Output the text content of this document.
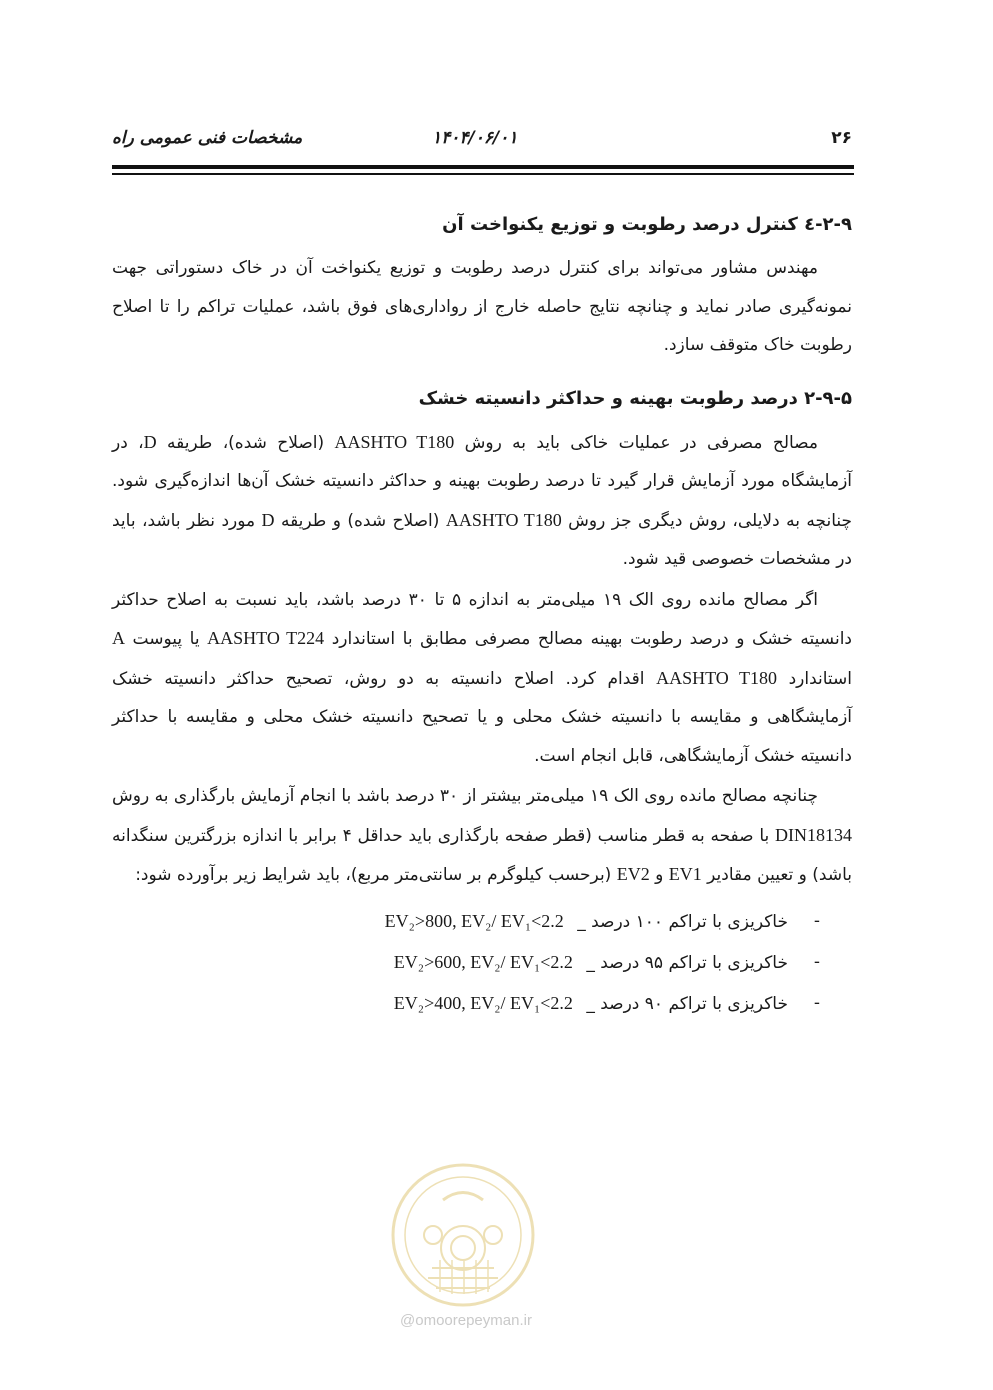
۲۶
۱۴۰۴/۰۶/۰۱
مشخصات فنی عمومی راه
۲-۹-٤ کنترل درصد رطوبت و توزیع یکنواخت آن

مهندس مشاور می‌تواند برای کنترل درصد رطوبت و توزیع یکنواخت آن در خاک دستوراتی جهت نمونه‌گیری صادر نماید و چنانچه نتایج حاصله خارج از رواداری‌های فوق باشد، عملیات تراکم را تا اصلاح رطوبت خاک متوقف سازد.

۲-۹-۵ درصد رطوبت بهینه و حداکثر دانسیته خشک

مصالح مصرفی در عملیات خاکی باید به روش AASHTO T180 (اصلاح شده)، طریقه D، در آزمایشگاه مورد آزمایش قرار گیرد تا درصد رطوبت بهینه و حداکثر دانسیته خشک آن‌ها اندازه‌گیری شود. چنانچه به دلایلی، روش دیگری جز روش AASHTO T180 (اصلاح شده) و طریقه D مورد نظر باشد، باید در مشخصات خصوصی قید شود.

اگر مصالح مانده روی الک ۱۹ میلی‌متر به اندازه ۵ تا ۳۰ درصد باشد، باید نسبت به اصلاح حداکثر دانسیته خشک و درصد رطوبت بهینه مصالح مصرفی مطابق با استاندارد AASHTO T224 یا پیوست A استاندارد AASHTO T180 اقدام کرد. اصلاح دانسیته به دو روش، تصحیح حداکثر دانسیته خشک آزمایشگاهی و مقایسه با دانسیته خشک محلی و یا تصحیح دانسیته خشک محلی و مقایسه با حداکثر دانسیته خشک آزمایشگاهی، قابل انجام است.

چنانچه مصالح مانده روی الک ۱۹ میلی‌متر بیشتر از ۳۰ درصد باشد با انجام آزمایش بارگذاری به روش DIN18134 با صفحه به قطر مناسب (قطر صفحه بارگذاری باید حداقل ۴ برابر با اندازه بزرگترین سنگدانه باشد) و تعیین مقادیر EV1 و EV2 (برحسب کیلوگرم بر سانتی‌متر مربع)، باید شرایط زیر برآورده شود:

-
خاکریزی با تراکم ۱۰۰ درصد _ EV₂>800, EV₂/ EV₁<2.2
-
خاکریزی با تراکم ۹۵ درصد _ EV₂>600, EV₂/ EV₁<2.2
-
خاکریزی با تراکم ۹۰ درصد _ EV₂>400, EV₂/ EV₁<2.2
@omoorepeyman.ir
